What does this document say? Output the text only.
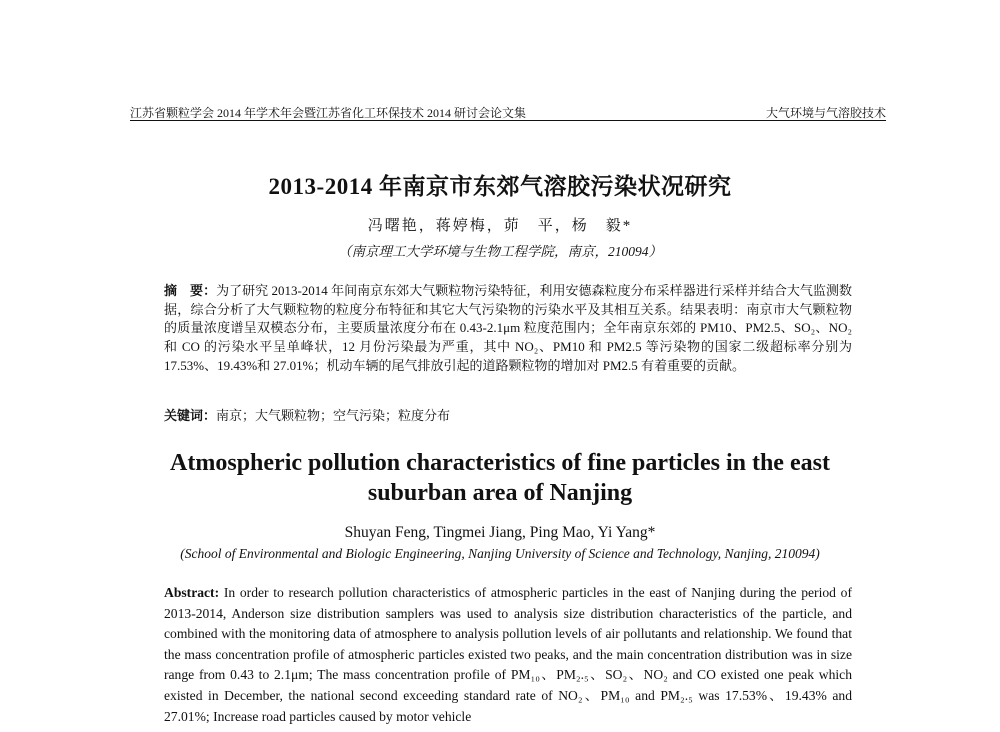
江苏省颗粒学会 2014 年学术年会暨江苏省化工环保技术 2014 研讨会论文集	大气环境与气溶胶技术
2013-2014 年南京市东郊气溶胶污染状况研究
冯曙艳，蒋婷梅，茆　平，杨　毅*
（南京理工大学环境与生物工程学院，南京，210094）
摘　要：为了研究 2013-2014 年间南京东郊大气颗粒物污染特征，利用安德森粒度分布采样器进行采样并结合大气监测数据，综合分析了大气颗粒物的粒度分布特征和其它大气污染物的污染水平及其相互关系。结果表明：南京市大气颗粒物的质量浓度谱呈双模态分布，主要质量浓度分布在 0.43-2.1μm 粒度范围内；全年南京东郊的 PM10、PM2.5、SO₂、NO₂和 CO 的污染水平呈单峰状，12 月份污染最为严重，其中 NO₂、PM10 和 PM2.5 等污染物的国家二级超标率分别为 17.53%、19.43%和 27.01%；机动车辆的尾气排放引起的道路颗粒物的增加对 PM2.5 有着重要的贡献。
关键词：南京；大气颗粒物；空气污染；粒度分布
Atmospheric pollution characteristics of fine particles in the east suburban area of Nanjing
Shuyan Feng, Tingmei Jiang, Ping Mao, Yi Yang*
(School of Environmental and Biologic Engineering, Nanjing University of Science and Technology, Nanjing, 210094)
Abstract: In order to research pollution characteristics of atmospheric particles in the east of Nanjing during the period of 2013-2014, Anderson size distribution samplers was used to analysis size distribution characteristics of the particle, and combined with the monitoring data of atmosphere to analysis pollution levels of air pollutants and relationship. We found that the mass concentration profile of atmospheric particles existed two peaks, and the main concentration distribution was in size range from 0.43 to 2.1μm; The mass concentration profile of PM₁₀、PM₂.₅、SO₂、NO₂ and CO existed one peak which existed in December, the national second exceeding standard rate of NO₂、PM₁₀ and PM₂.₅ was 17.53%、19.43% and 27.01%; Increase road particles caused by motor vehicle
